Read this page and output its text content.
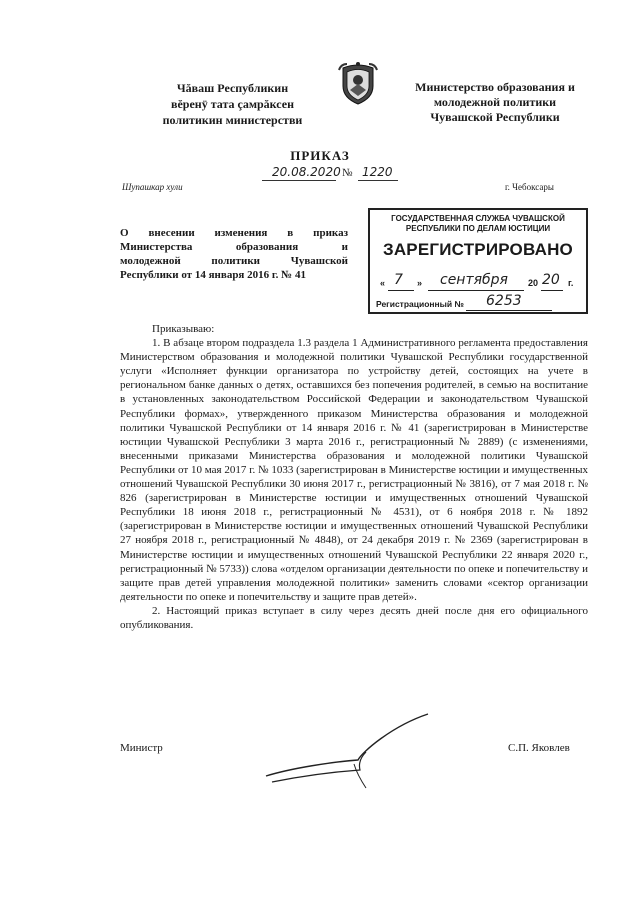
Чăваш Республикин
вĕренÿ тата çамрăксен
политикин министерстви
Министерство образования и
молодежной политики
Чувашской Республики
ПРИКАЗ
20.08.2020 № 1220
Шупашкар хули	г. Чебоксары
О внесении изменения в приказ
Министерства образования и
молодежной политики Чувашской
Республики от 14 января 2016 г. № 41
ГОСУДАРСТВЕННАЯ СЛУЖБА ЧУВАШСКОЙ
РЕСПУБЛИКИ ПО ДЕЛАМ ЮСТИЦИИ
ЗАРЕГИСТРИРОВАНО
« 7 » сентября 20 20 г.
Регистрационный № 6253

Приказываю:

1. В абзаце втором подраздела 1.3 раздела 1 Административного регламента предоставления Министерством образования и молодежной политики Чувашской Республики государственной услуги «Исполняет функции организатора по устройству детей, состоящих на учете в региональном банке данных о детях, оставшихся без попечения родителей, в семью на воспитание в установленных законодательством Российской Федерации и законодательством Чувашской Республики формах», утвержденного приказом Министерства образования и молодежной политики Чувашской Республики от 14 января 2016 г. № 41 (зарегистрирован в Министерстве юстиции Чувашской Республики 3 марта 2016 г., регистрационный № 2889) (с изменениями, внесенными приказами Министерства образования и молодежной политики Чувашской Республики от 10 мая 2017 г. № 1033 (зарегистрирован в Министерстве юстиции и имущественных отношений Чувашской Республики 30 июня 2017 г., регистрационный № 3816), от 7 мая 2018 г. № 826 (зарегистрирован в Министерстве юстиции и имущественных отношений Чувашской Республики 18 июня 2018 г., регистрационный № 4531), от 6 ноября 2018 г. № 1892 (зарегистрирован в Министерстве юстиции и имущественных отношений Чувашской Республики 27 ноября 2018 г., регистрационный № 4848), от 24 декабря 2019 г. № 2369 (зарегистрирован в Министерстве юстиции и имущественных отношений Чувашской Республики 22 января 2020 г., регистрационный № 5733)) слова «отделом организации деятельности по опеке и попечительству и защите прав детей управления молодежной политики» заменить словами «сектор организации деятельности по опеке и попечительству и защите прав детей».

2. Настоящий приказ вступает в силу через десять дней после дня его официального опубликования.

Министр	С.П. Яковлев
